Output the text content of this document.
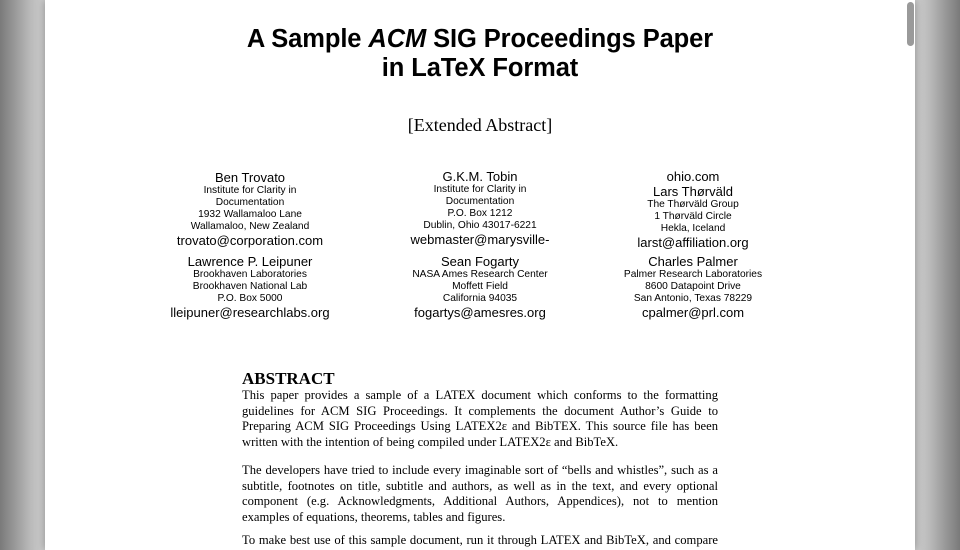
A Sample ACM SIG Proceedings Paper
in LaTeX Format
[Extended Abstract]
Ben Trovato
Institute for Clarity in
Documentation
1932 Wallamaloo Lane
Wallamaloo, New Zealand
trovato@corporation.com
G.K.M. Tobin
Institute for Clarity in
Documentation
P.O. Box 1212
Dublin, Ohio 43017-6221
webmaster@marysville-
ohio.com
Lars Thørväld
The Thørväld Group
1 Thørväld Circle
Hekla, Iceland
larst@affiliation.org
Lawrence P. Leipuner
Brookhaven Laboratories
Brookhaven National Lab
P.O. Box 5000
lleipuner@researchlabs.org
Sean Fogarty
NASA Ames Research Center
Moffett Field
California 94035
fogartys@amesres.org
Charles Palmer
Palmer Research Laboratories
8600 Datapoint Drive
San Antonio, Texas 78229
cpalmer@prl.com
ABSTRACT
This paper provides a sample of a LATEX document which conforms to the formatting
guidelines for ACM SIG Proceedings. It complements the document Author’s Guide to
Preparing ACM SIG Proceedings Using LATEX2ε and BibTEX. This source file has been
written with the intention of being compiled under LATEX2ε and BibTeX.
The developers have tried to include every imaginable sort of “bells and whistles”, such as a
subtitle, footnotes on title, subtitle and authors, as well as in the text, and every optional
component (e.g. Acknowledgments, Additional Authors, Appendices), not to mention
examples of equations, theorems, tables and figures.
To make best use of this sample document, run it through LATEX and BibTeX, and compare
